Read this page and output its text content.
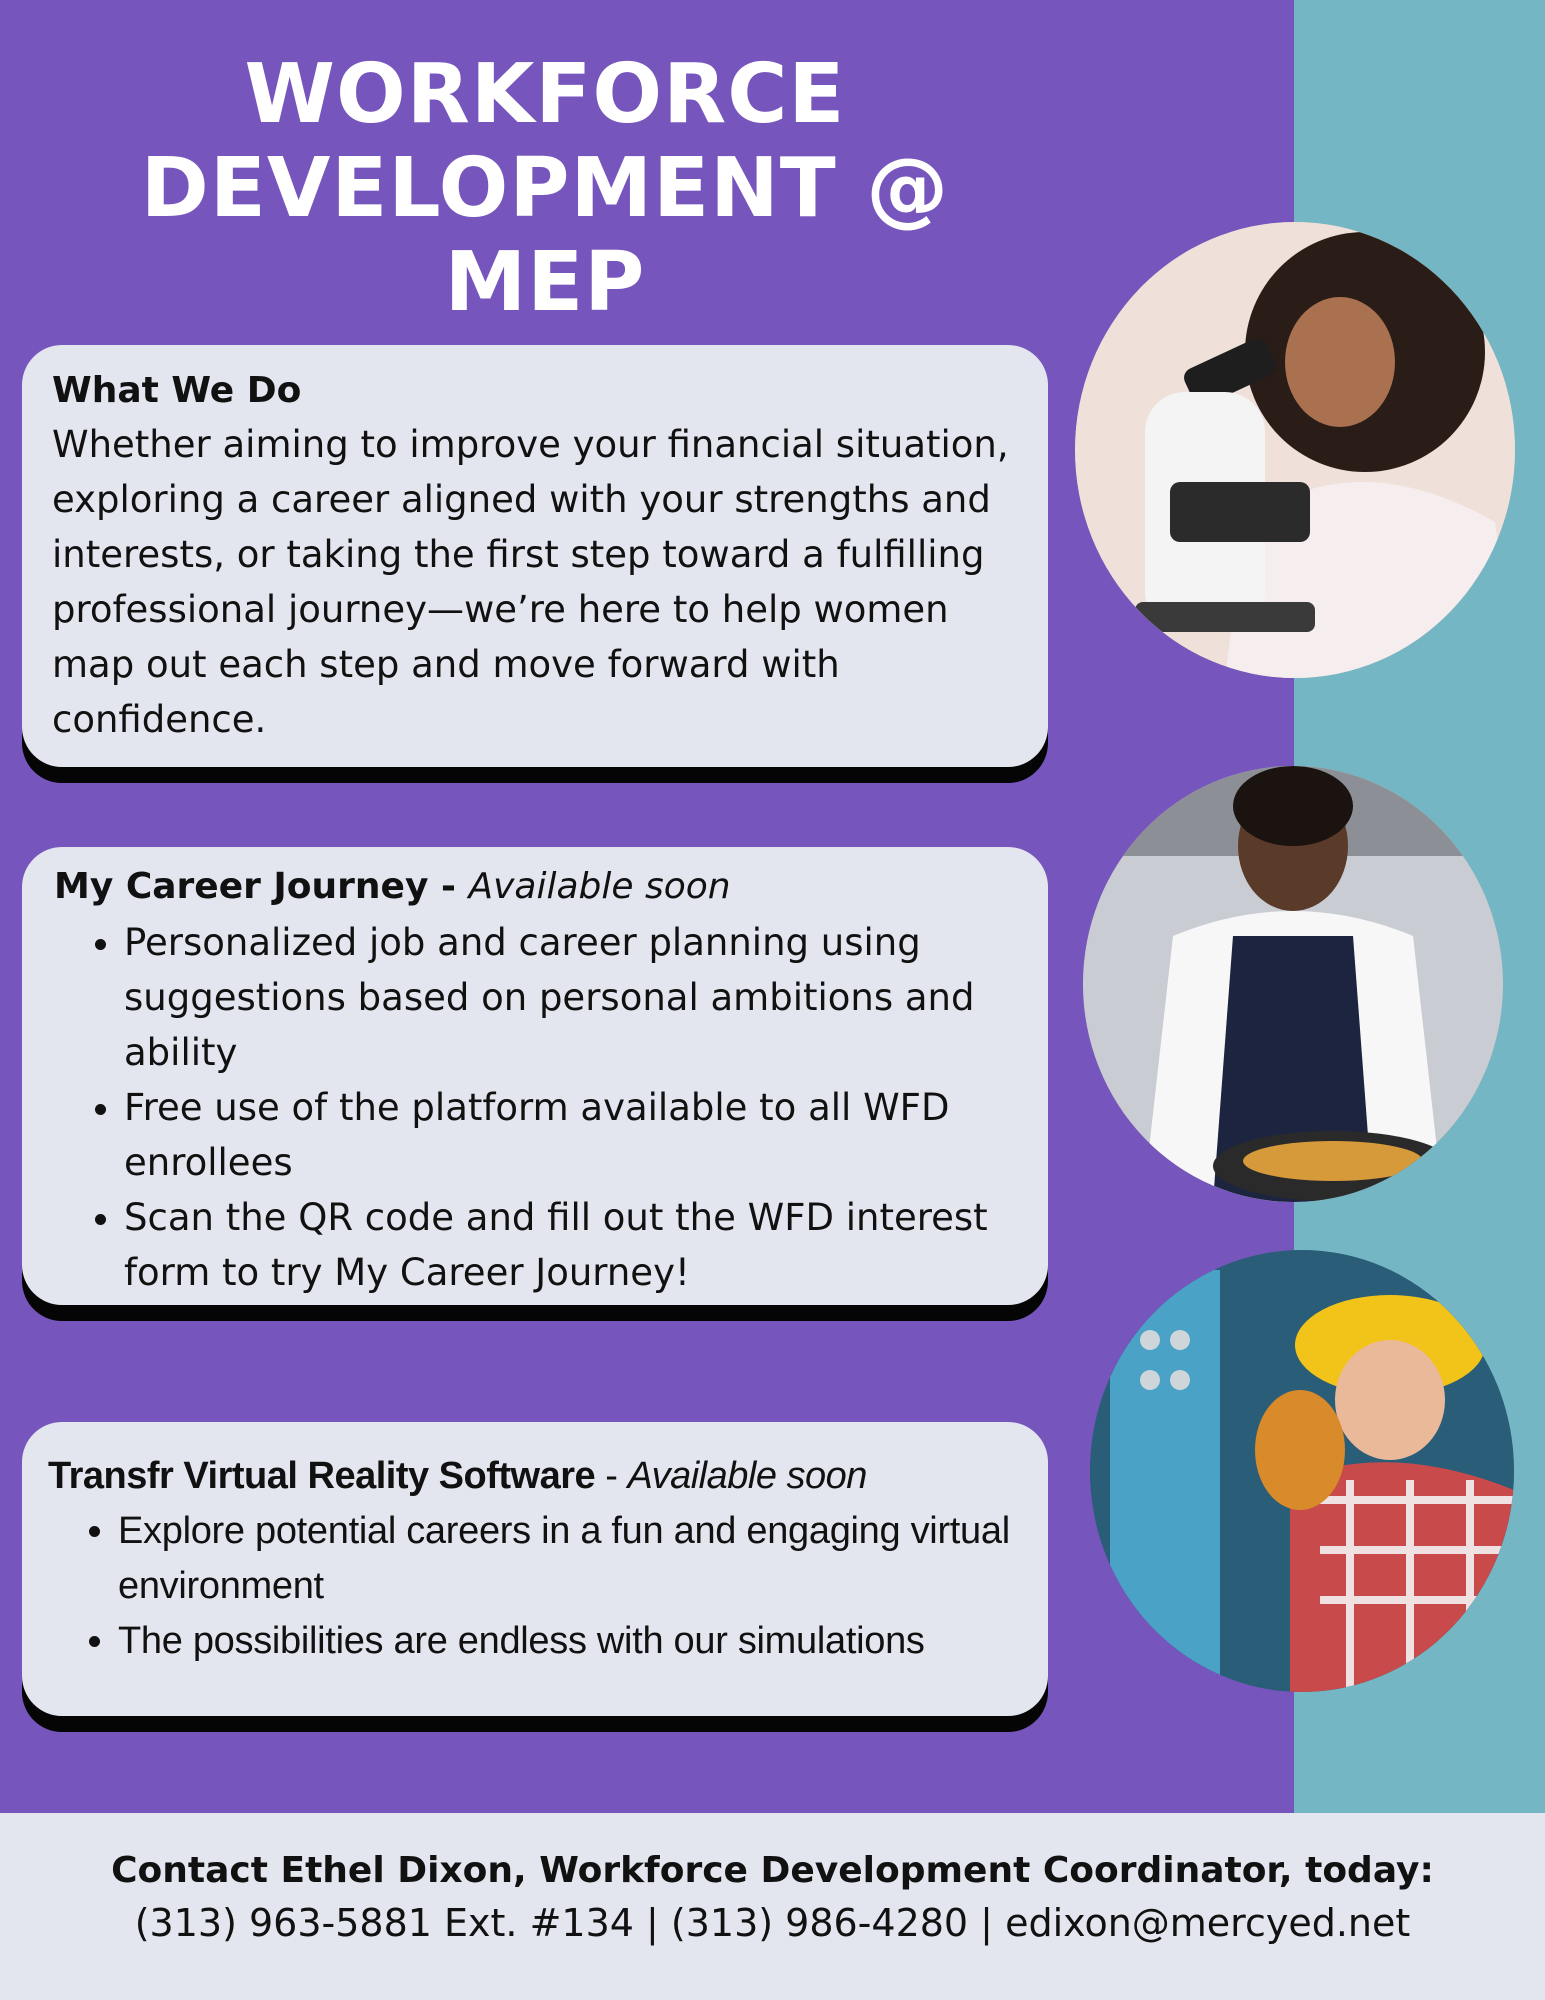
WORKFORCE
DEVELOPMENT @
MEP
What We Do
Whether aiming to improve your financial situation, exploring a career aligned with your strengths and interests, or taking the first step toward a fulfilling professional journey—we’re here to help women map out each step and move forward with confidence.
My Career Journey - Available soon
• Personalized job and career planning using suggestions based on personal ambitions and ability
• Free use of the platform available to all WFD enrollees
• Scan the QR code and fill out the WFD interest form to try My Career Journey!
Transfr Virtual Reality Software - Available soon
• Explore potential careers in a fun and engaging virtual environment
• The possibilities are endless with our simulations
Contact Ethel Dixon, Workforce Development Coordinator, today:
(313) 963-5881 Ext. #134 | (313) 986-4280 | edixon@mercyed.net
